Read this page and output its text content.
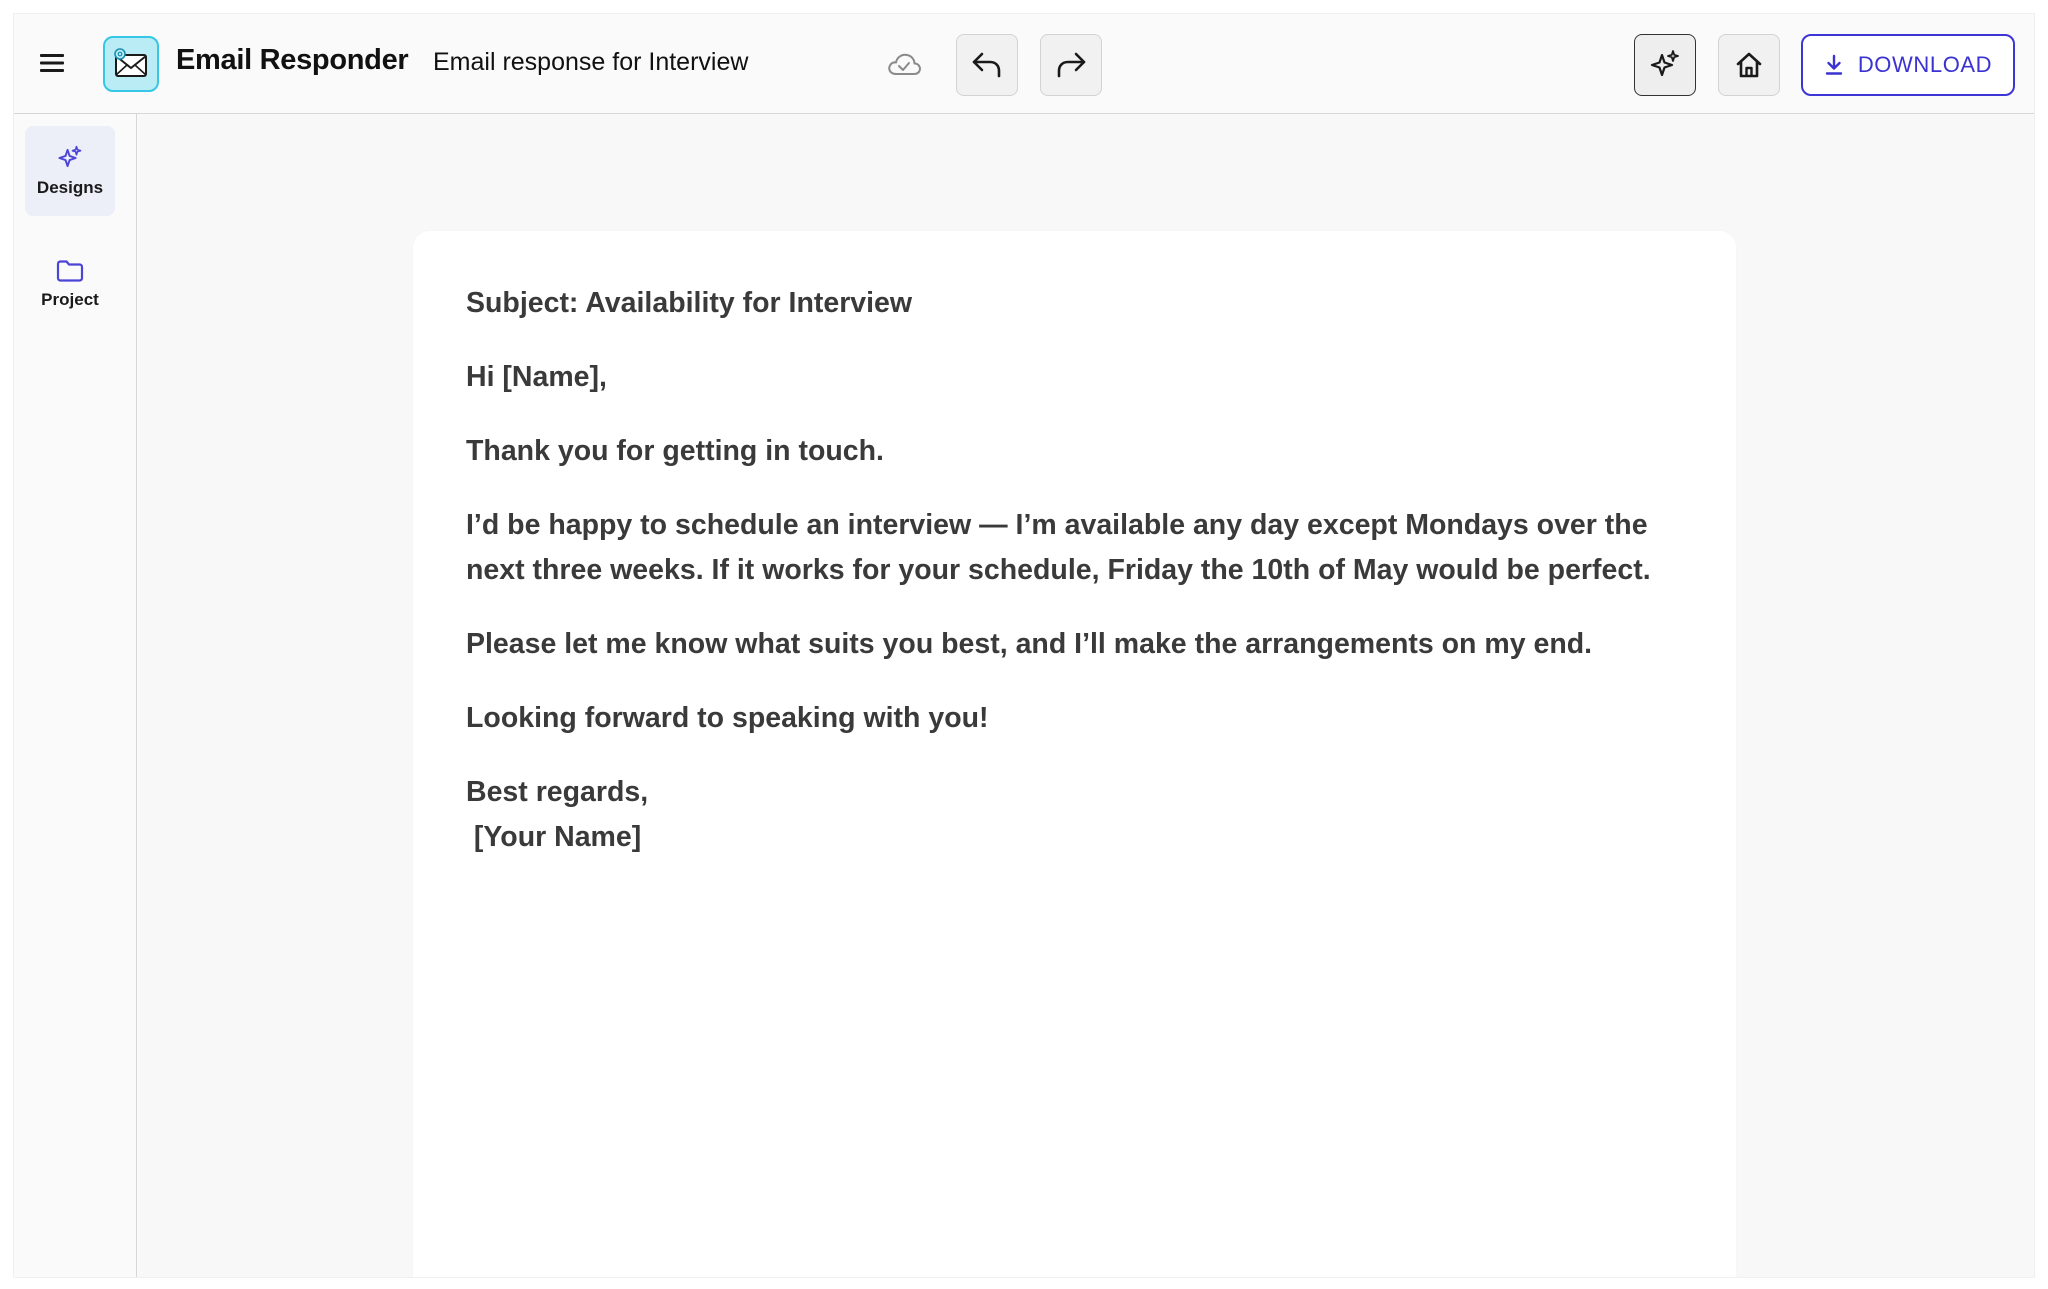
Email Responder Email response for Interview	DOWNLOAD
Designs
Project	Subject: Availability for Interview

Hi [Name],

Thank you for getting in touch.

I’d be happy to schedule an interview — I’m available any day except Mondays over the next three weeks. If it works for your schedule, Friday the 10th of May would be perfect.

Please let me know what suits you best, and I’ll make the arrangements on my end.

Looking forward to speaking with you!

Best regards,
[Your Name]
